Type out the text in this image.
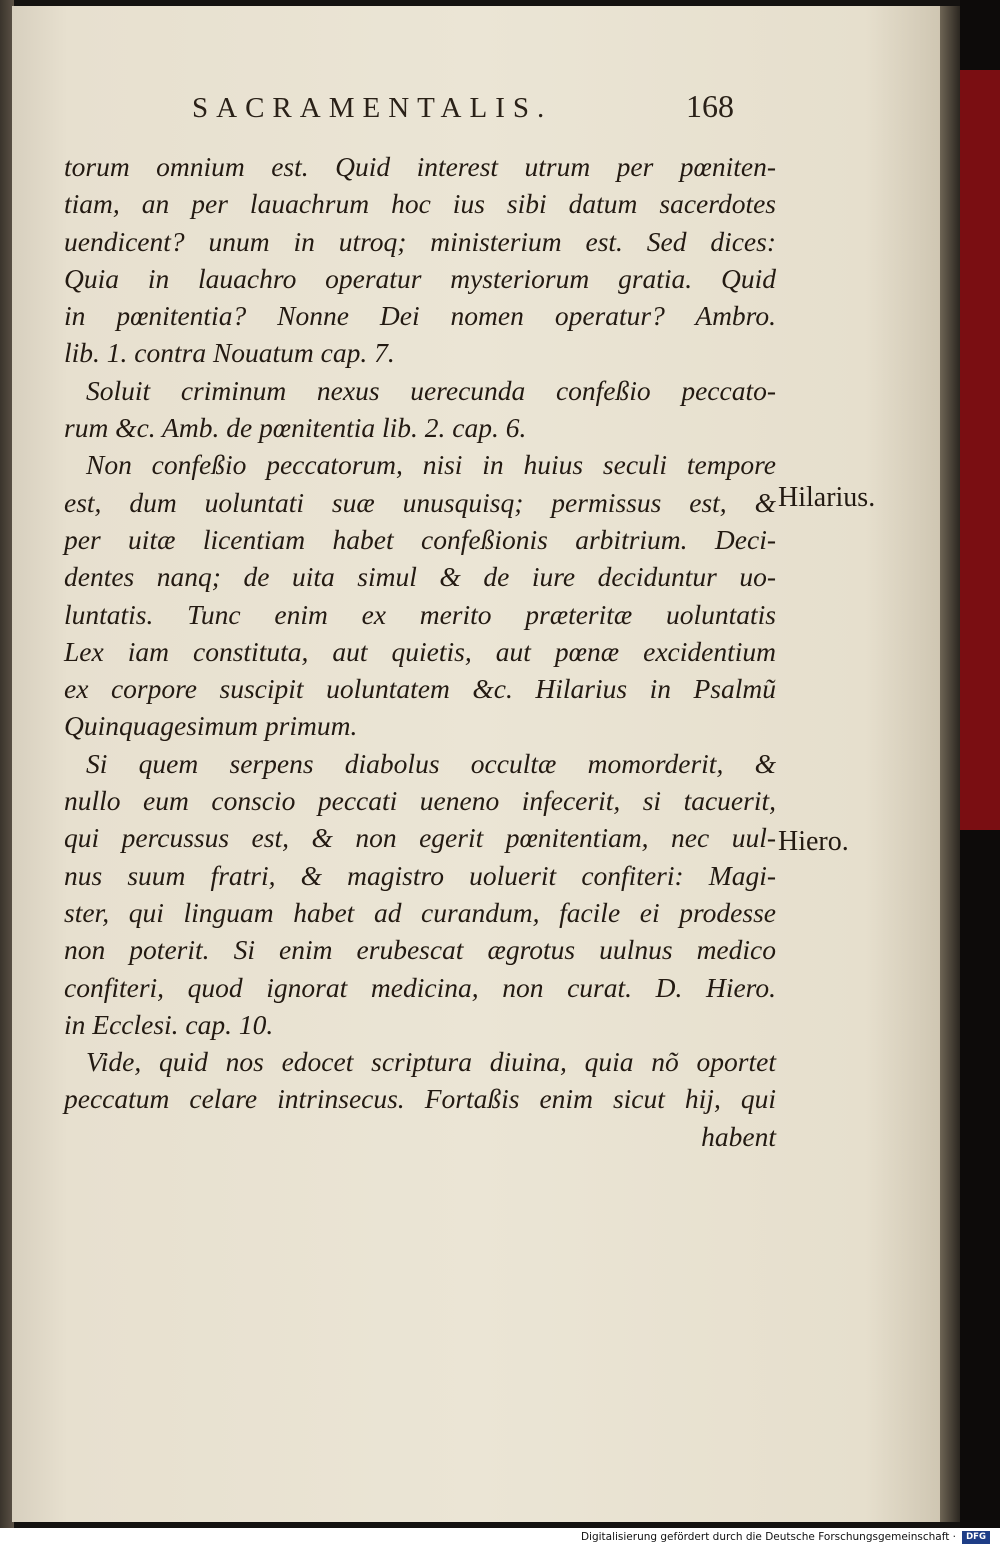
SACRAMENTALIS.	168
torum omnium est. Quid interest utrum per pœniten-
tiam, an per lauachrum hoc ius sibi datum sacerdotes
uendicent? unum in utroq; ministerium est. Sed dices:
Quia in lauachro operatur mysteriorum gratia. Quid
in pœnitentia? Nonne Dei nomen operatur? Ambro.
lib. 1. contra Nouatum cap. 7.
Soluit criminum nexus uerecunda confeßio peccato-
rum &c. Amb. de pœnitentia lib. 2. cap. 6.
Non confeßio peccatorum, nisi in huius seculi tempore
est, dum uoluntati suæ unusquisq; permissus est, &
per uitæ licentiam habet confeßionis arbitrium. Deci-
dentes nanq; de uita simul & de iure deciduntur uo-
luntatis. Tunc enim ex merito præteritæ uoluntatis
Lex iam constituta, aut quietis, aut pœnæ excidentium
ex corpore suscipit uoluntatem &c. Hilarius in Psalmũ
Quinquagesimum primum.
Si quem serpens diabolus occultæ momorderit, &
nullo eum conscio peccati ueneno infecerit, si tacuerit,
qui percussus est, & non egerit pœnitentiam, nec uul-
nus suum fratri, & magistro uoluerit confiteri: Magi-
ster, qui linguam habet ad curandum, facile ei prodesse
non poterit. Si enim erubescat ægrotus uulnus medico
confiteri, quod ignorat medicina, non curat. D. Hiero.
in Ecclesi. cap. 10.
Vide, quid nos edocet scriptura diuina, quia nõ oportet
peccatum celare intrinsecus. Fortaßis enim sicut hij, qui
habent
Hilarius.
Hiero.
Digitalisierung gefördert durch die Deutsche Forschungsgemeinschaft ·	DFG
